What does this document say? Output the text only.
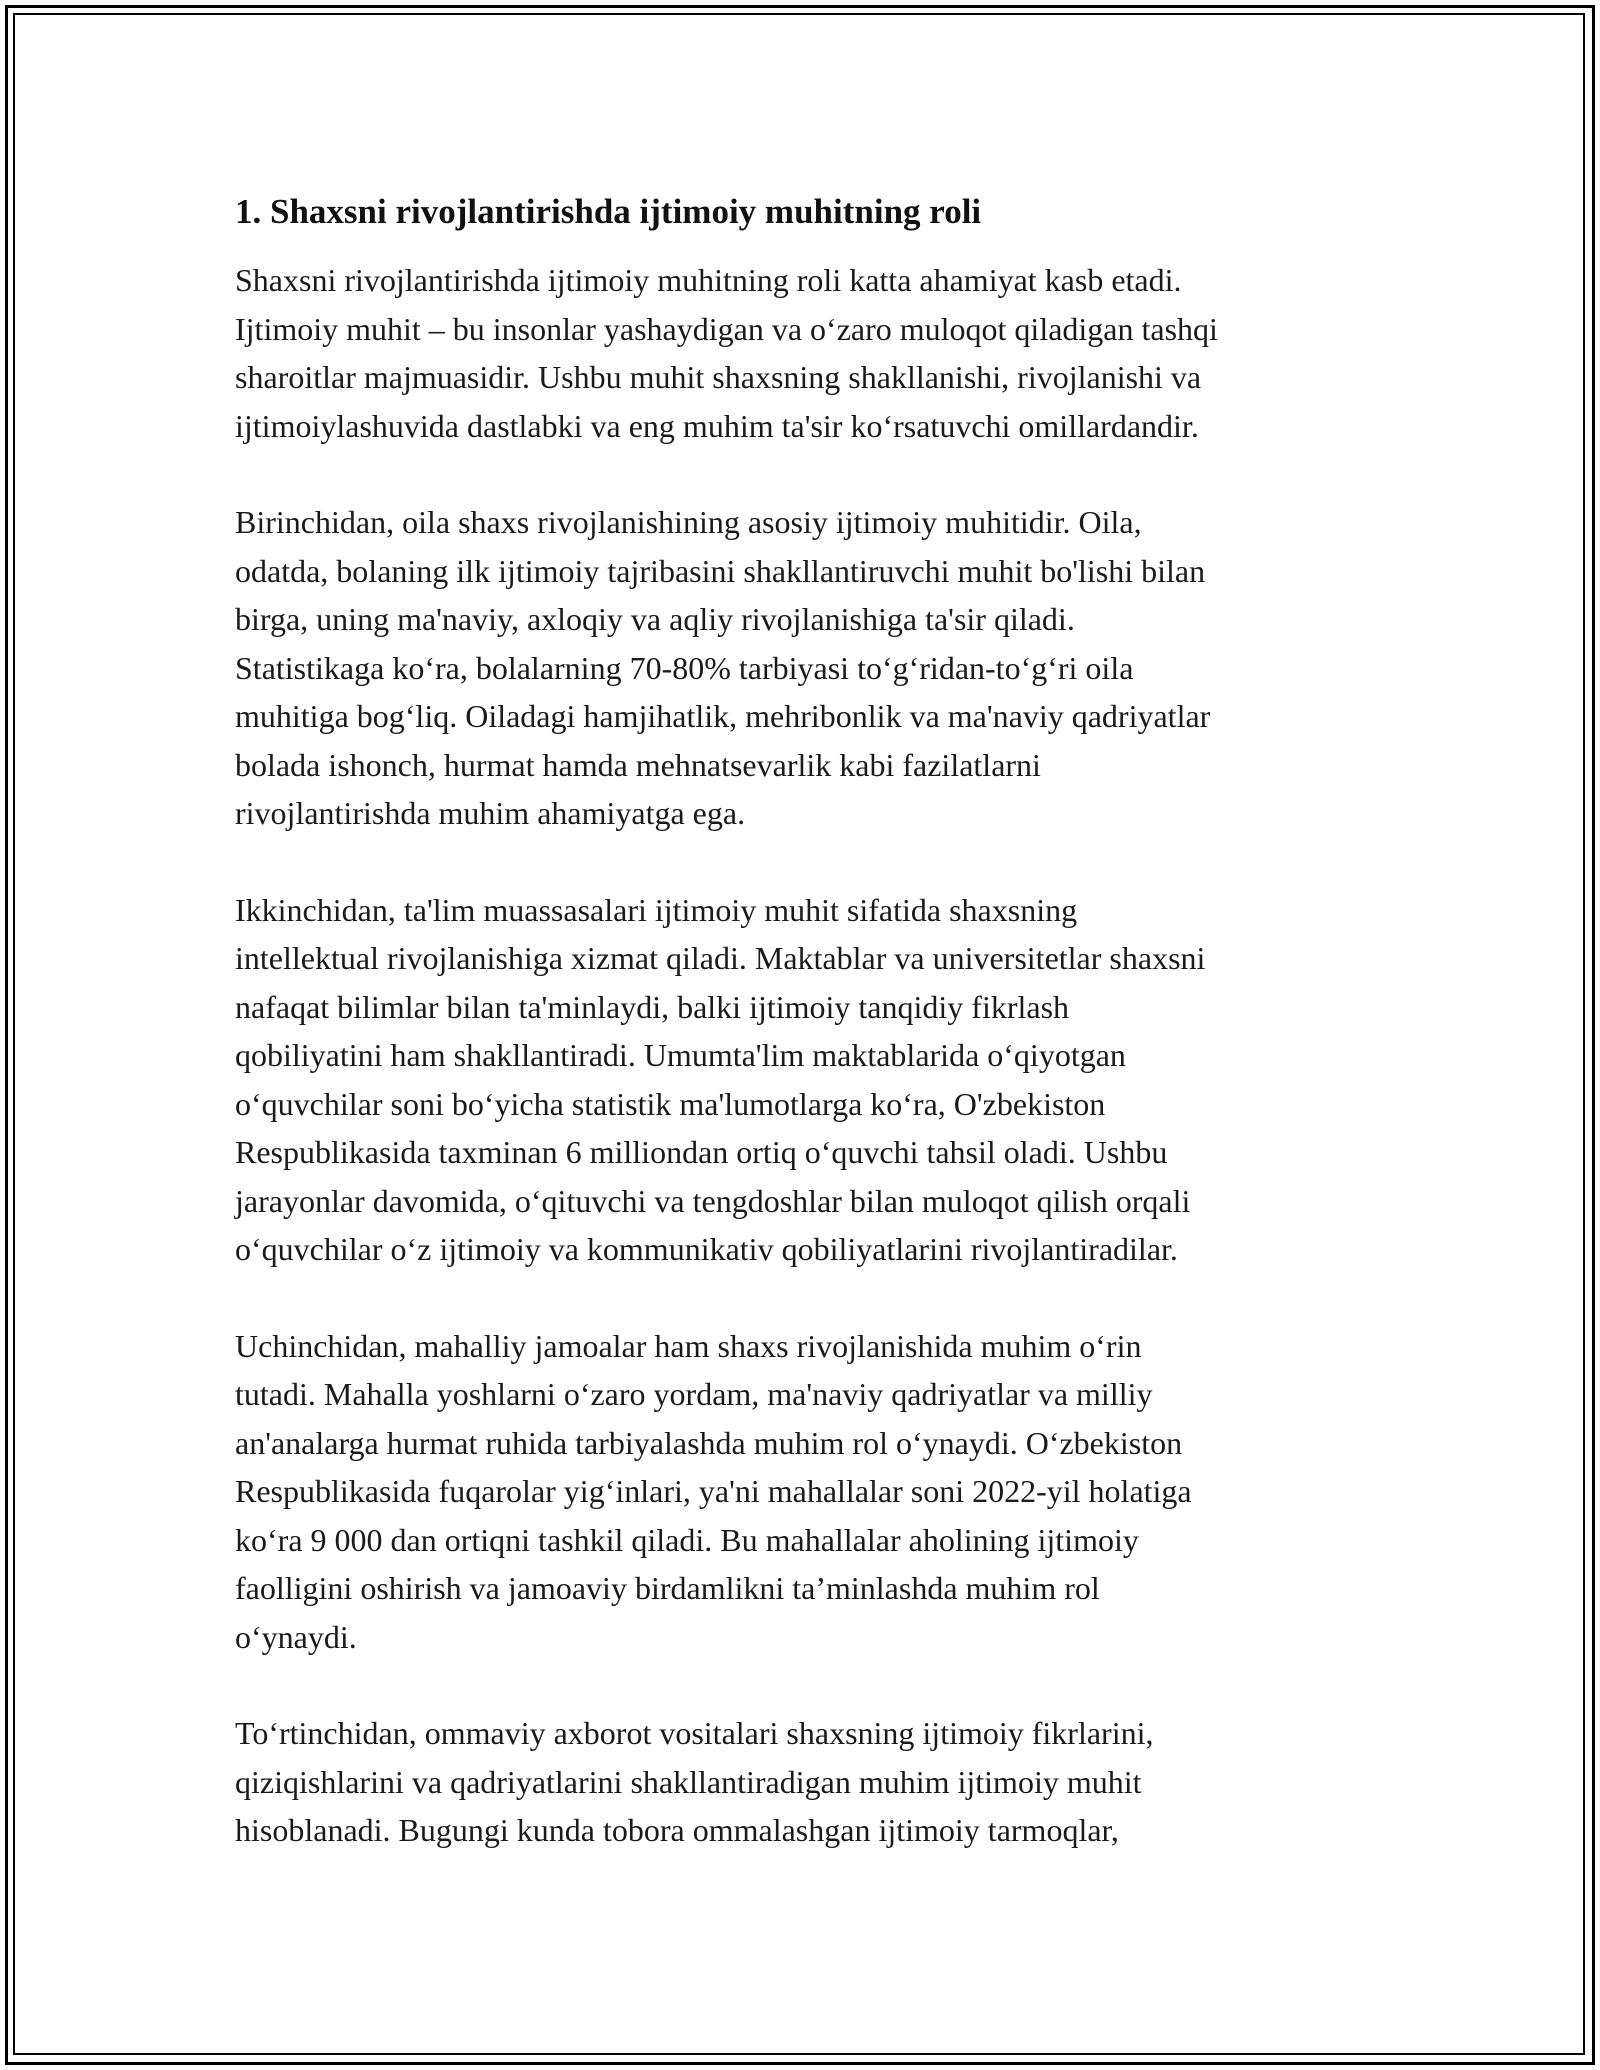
1. Shaxsni rivojlantirishda ijtimoiy muhitning roli

Shaxsni rivojlantirishda ijtimoiy muhitning roli katta ahamiyat kasb etadi.
Ijtimoiy muhit – bu insonlar yashaydigan va o‘zaro muloqot qiladigan tashqi
sharoitlar majmuasidir. Ushbu muhit shaxsning shakllanishi, rivojlanishi va
ijtimoiylashuvida dastlabki va eng muhim ta'sir ko‘rsatuvchi omillardandir.

Birinchidan, oila shaxs rivojlanishining asosiy ijtimoiy muhitidir. Oila,
odatda, bolaning ilk ijtimoiy tajribasini shakllantiruvchi muhit bo'lishi bilan
birga, uning ma'naviy, axloqiy va aqliy rivojlanishiga ta'sir qiladi.
Statistikaga ko‘ra, bolalarning 70-80% tarbiyasi to‘g‘ridan-to‘g‘ri oila
muhitiga bog‘liq. Oiladagi hamjihatlik, mehribonlik va ma'naviy qadriyatlar
bolada ishonch, hurmat hamda mehnatsevarlik kabi fazilatlarni
rivojlantirishda muhim ahamiyatga ega.

Ikkinchidan, ta'lim muassasalari ijtimoiy muhit sifatida shaxsning
intellektual rivojlanishiga xizmat qiladi. Maktablar va universitetlar shaxsni
nafaqat bilimlar bilan ta'minlaydi, balki ijtimoiy tanqidiy fikrlash
qobiliyatini ham shakllantiradi. Umumta'lim maktablarida o‘qiyotgan
o‘quvchilar soni bo‘yicha statistik ma'lumotlarga ko‘ra, O'zbekiston
Respublikasida taxminan 6 milliondan ortiq o‘quvchi tahsil oladi. Ushbu
jarayonlar davomida, o‘qituvchi va tengdoshlar bilan muloqot qilish orqali
o‘quvchilar o‘z ijtimoiy va kommunikativ qobiliyatlarini rivojlantiradilar.

Uchinchidan, mahalliy jamoalar ham shaxs rivojlanishida muhim o‘rin
tutadi. Mahalla yoshlarni o‘zaro yordam, ma'naviy qadriyatlar va milliy
an'analarga hurmat ruhida tarbiyalashda muhim rol o‘ynaydi. O‘zbekiston
Respublikasida fuqarolar yig‘inlari, ya'ni mahallalar soni 2022-yil holatiga
ko‘ra 9 000 dan ortiqni tashkil qiladi. Bu mahallalar aholining ijtimoiy
faolligini oshirish va jamoaviy birdamlikni ta’minlashda muhim rol
o‘ynaydi.

To‘rtinchidan, ommaviy axborot vositalari shaxsning ijtimoiy fikrlarini,
qiziqishlarini va qadriyatlarini shakllantiradigan muhim ijtimoiy muhit
hisoblanadi. Bugungi kunda tobora ommalashgan ijtimoiy tarmoqlar,
